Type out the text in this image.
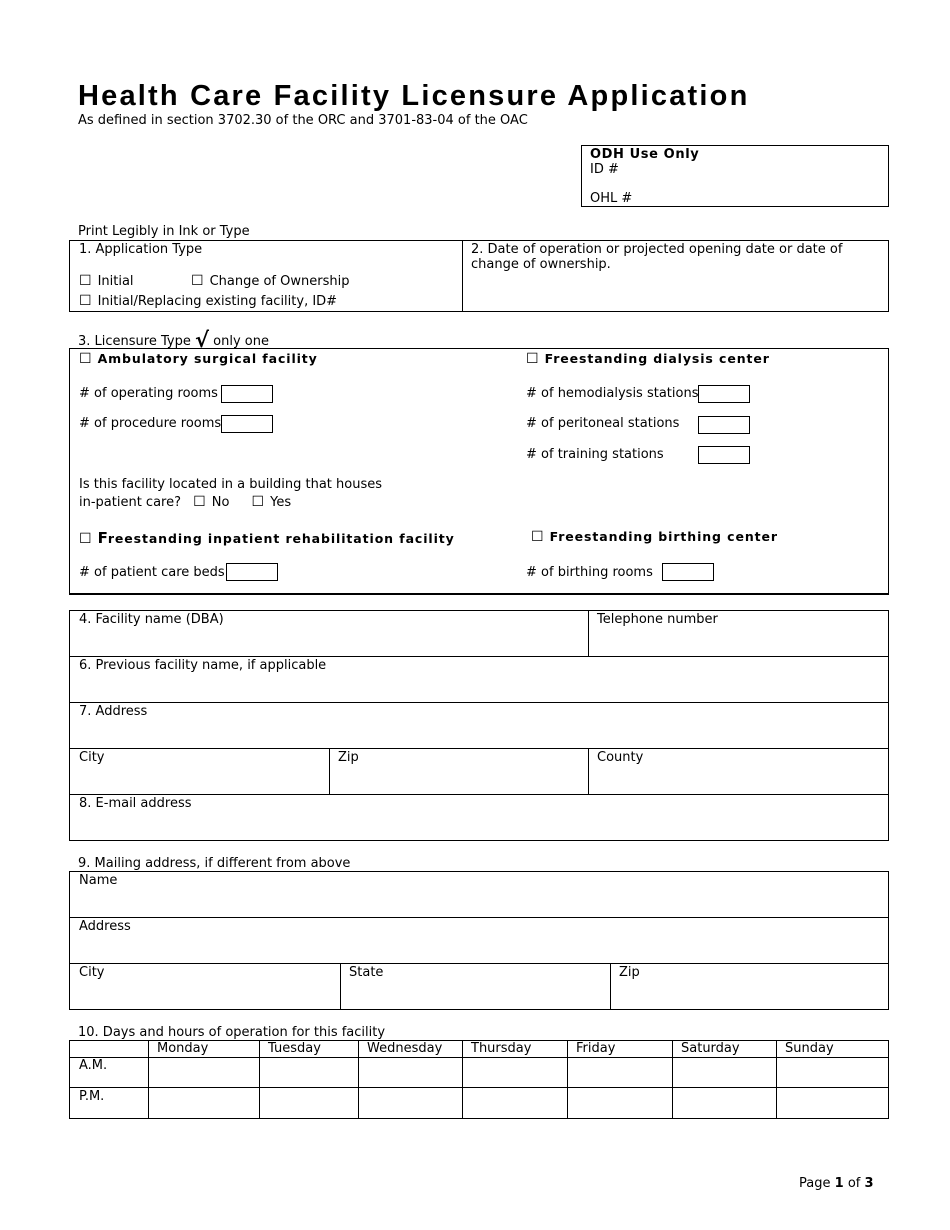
Health Care Facility Licensure Application
As defined in section 3702.30 of the ORC and 3701-83-04 of the OAC
ODH Use Only
ID #
OHL #
Print Legibly in Ink or Type
1. Application Type
☐ Initial	☐ Change of Ownership
☐ Initial/Replacing existing facility, ID#
2. Date of operation or projected opening date or date of
change of ownership.
3. Licensure Type √ only one
☐ Ambulatory surgical facility
# of operating rooms
# of procedure rooms
Is this facility located in a building that houses
in-patient care? ☐ No ☐ Yes
☐ Freestanding inpatient rehabilitation facility
# of patient care beds
☐ Freestanding dialysis center
# of hemodialysis stations
# of peritoneal stations
# of training stations
☐ Freestanding birthing center
# of birthing rooms
4. Facility name (DBA)	Telephone number
6. Previous facility name, if applicable
7. Address
City	Zip	County
8. E-mail address
9. Mailing address, if different from above
Name
Address
City	State	Zip
10. Days and hours of operation for this facility
Monday	Tuesday	Wednesday Thursday	Friday	Saturday	Sunday
A.M.
P.M.
Page 1 of 3
